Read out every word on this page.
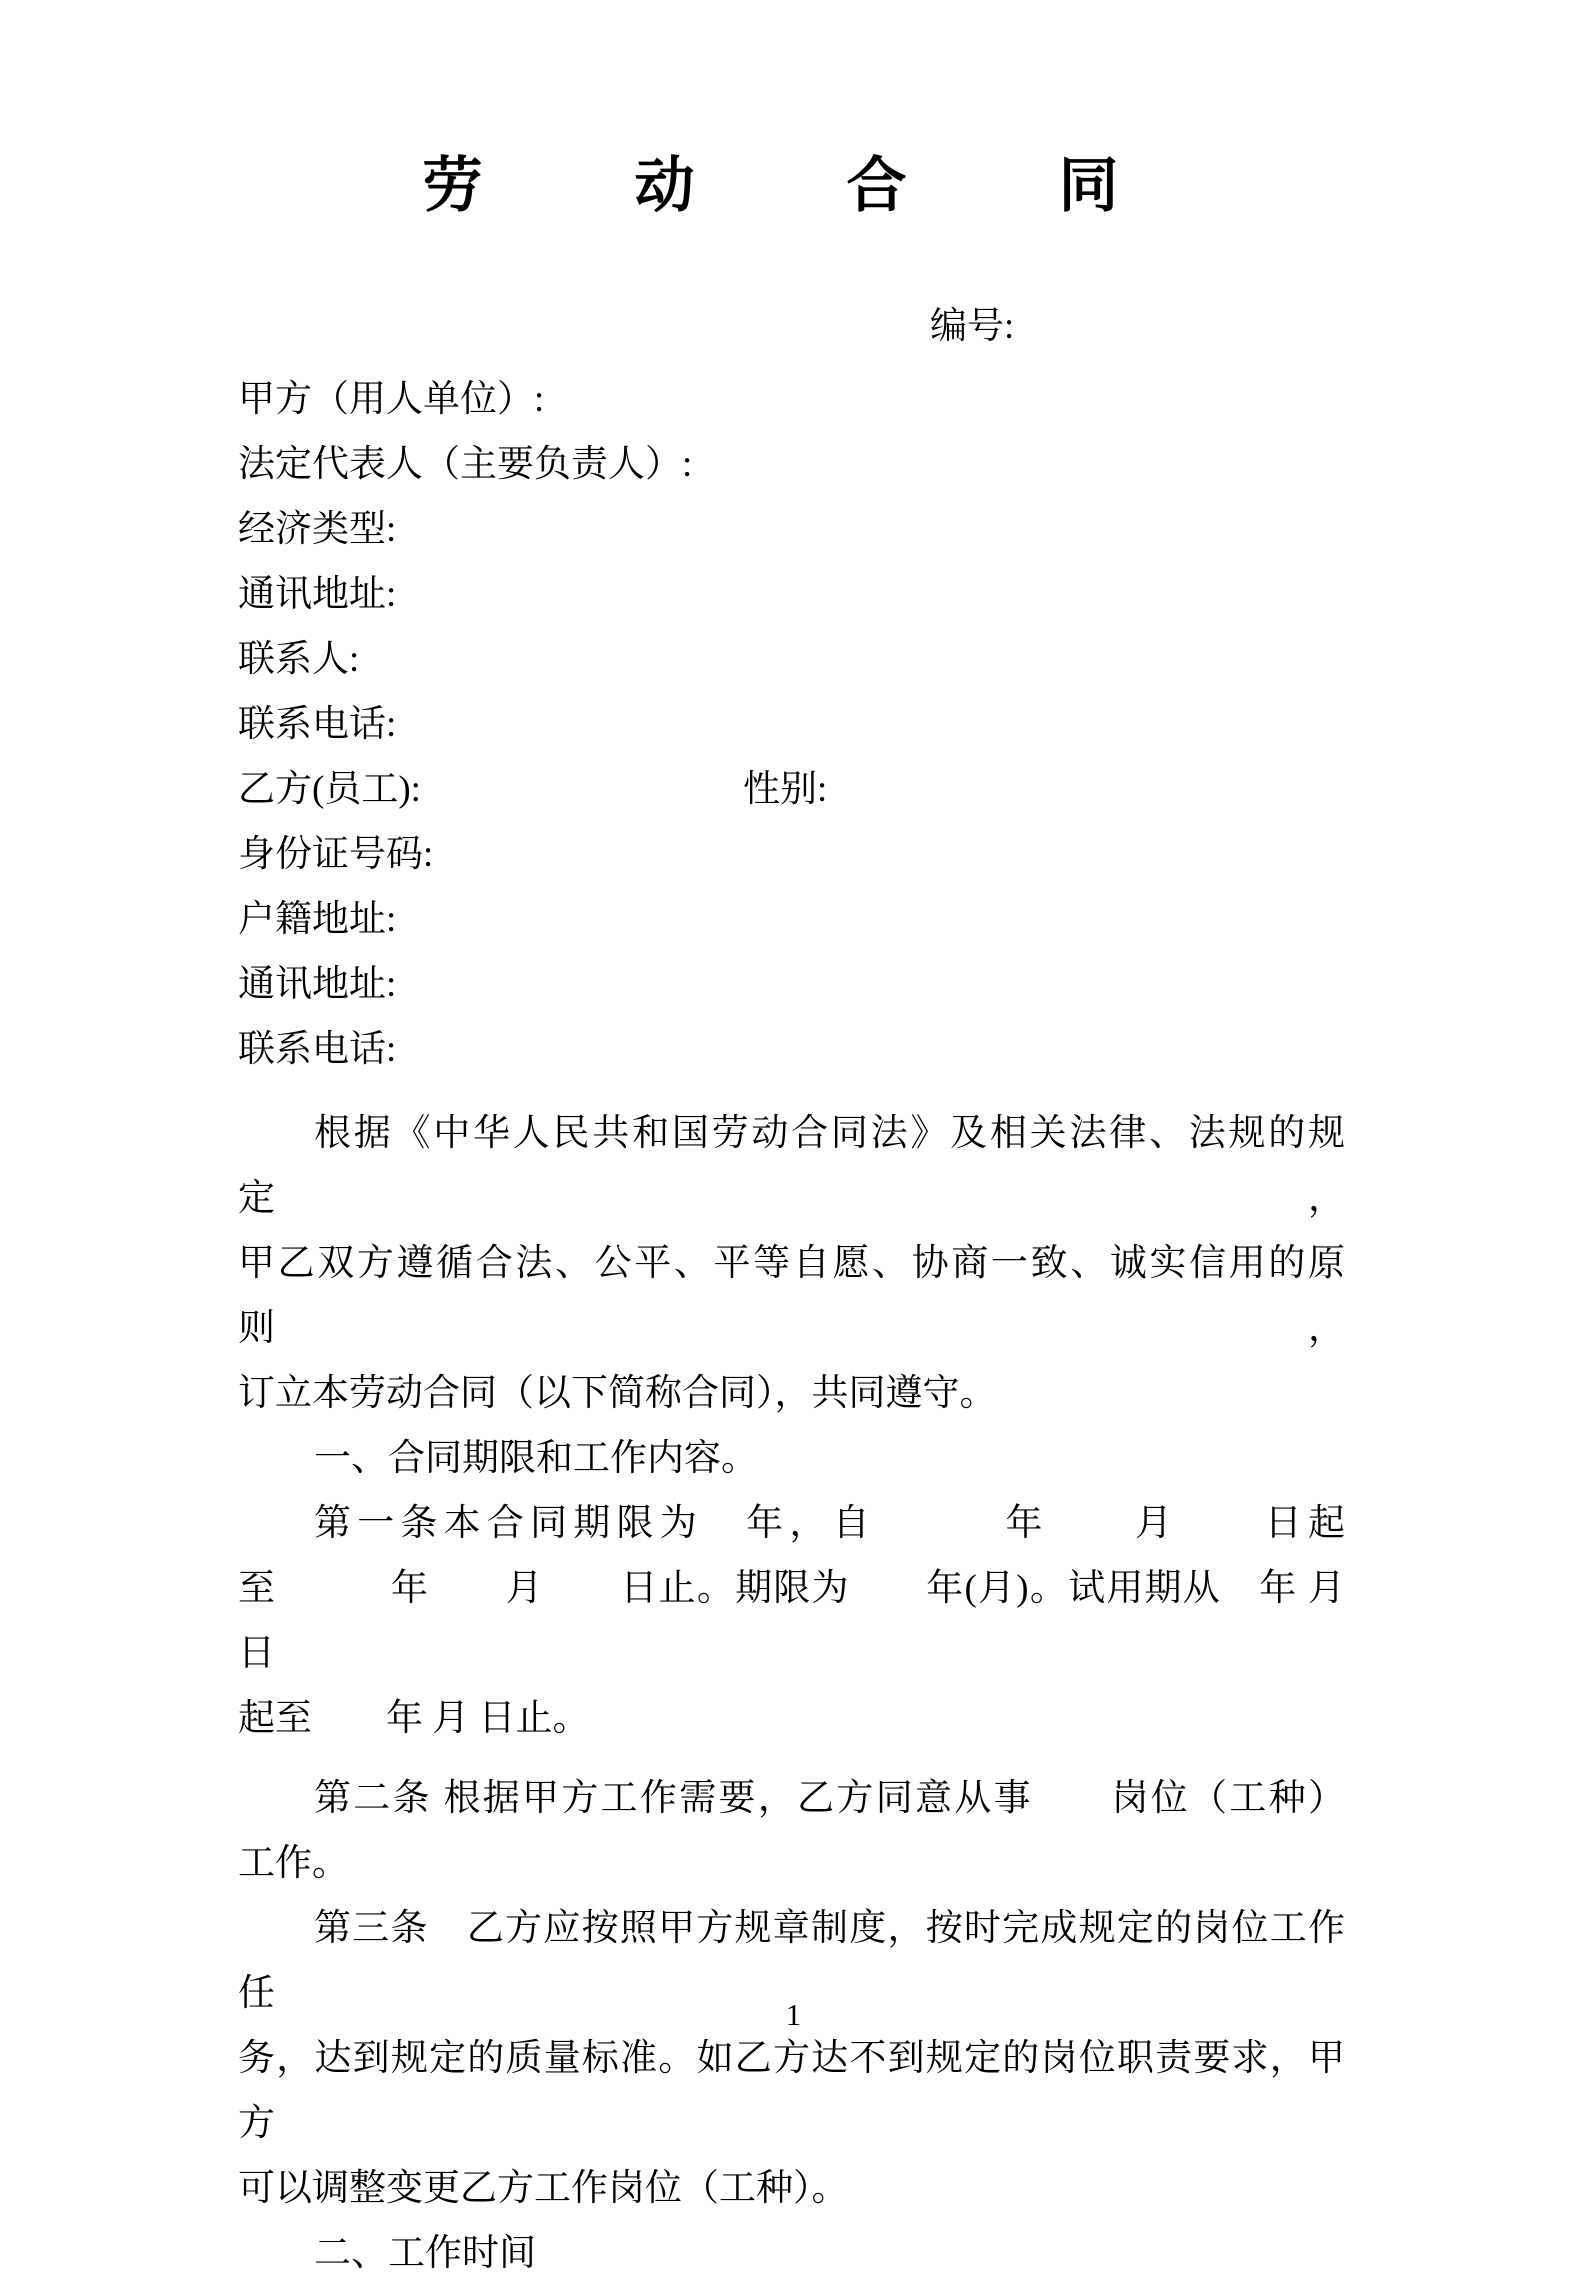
劳　动　合　同
编号:
甲方（用人单位）:
法定代表人（主要负责人）:
经济类型:
通讯地址:
联系人:
联系电话:
乙方(员工):	性别:
身份证号码:
户籍地址:
通讯地址:
联系电话:
根据《中华人民共和国劳动合同法》及相关法律、法规的规定，
甲乙双方遵循合法、公平、平等自愿、协商一致、诚实信用的原则，
订立本劳动合同（以下简称合同），共同遵守。
一、合同期限和工作内容。
第一条本合同期限为　年，自　　　年　　月　　日起
至　　　年　　月　　日止。期限为　　年(月)。试用期从　年 月 日
起至　　年 月 日止。
第二条 根据甲方工作需要，乙方同意从事　　岗位（工种）
工作。
第三条　乙方应按照甲方规章制度，按时完成规定的岗位工作任
务，达到规定的质量标准。如乙方达不到规定的岗位职责要求，甲方
可以调整变更乙方工作岗位（工种）。
二、工作时间
1
